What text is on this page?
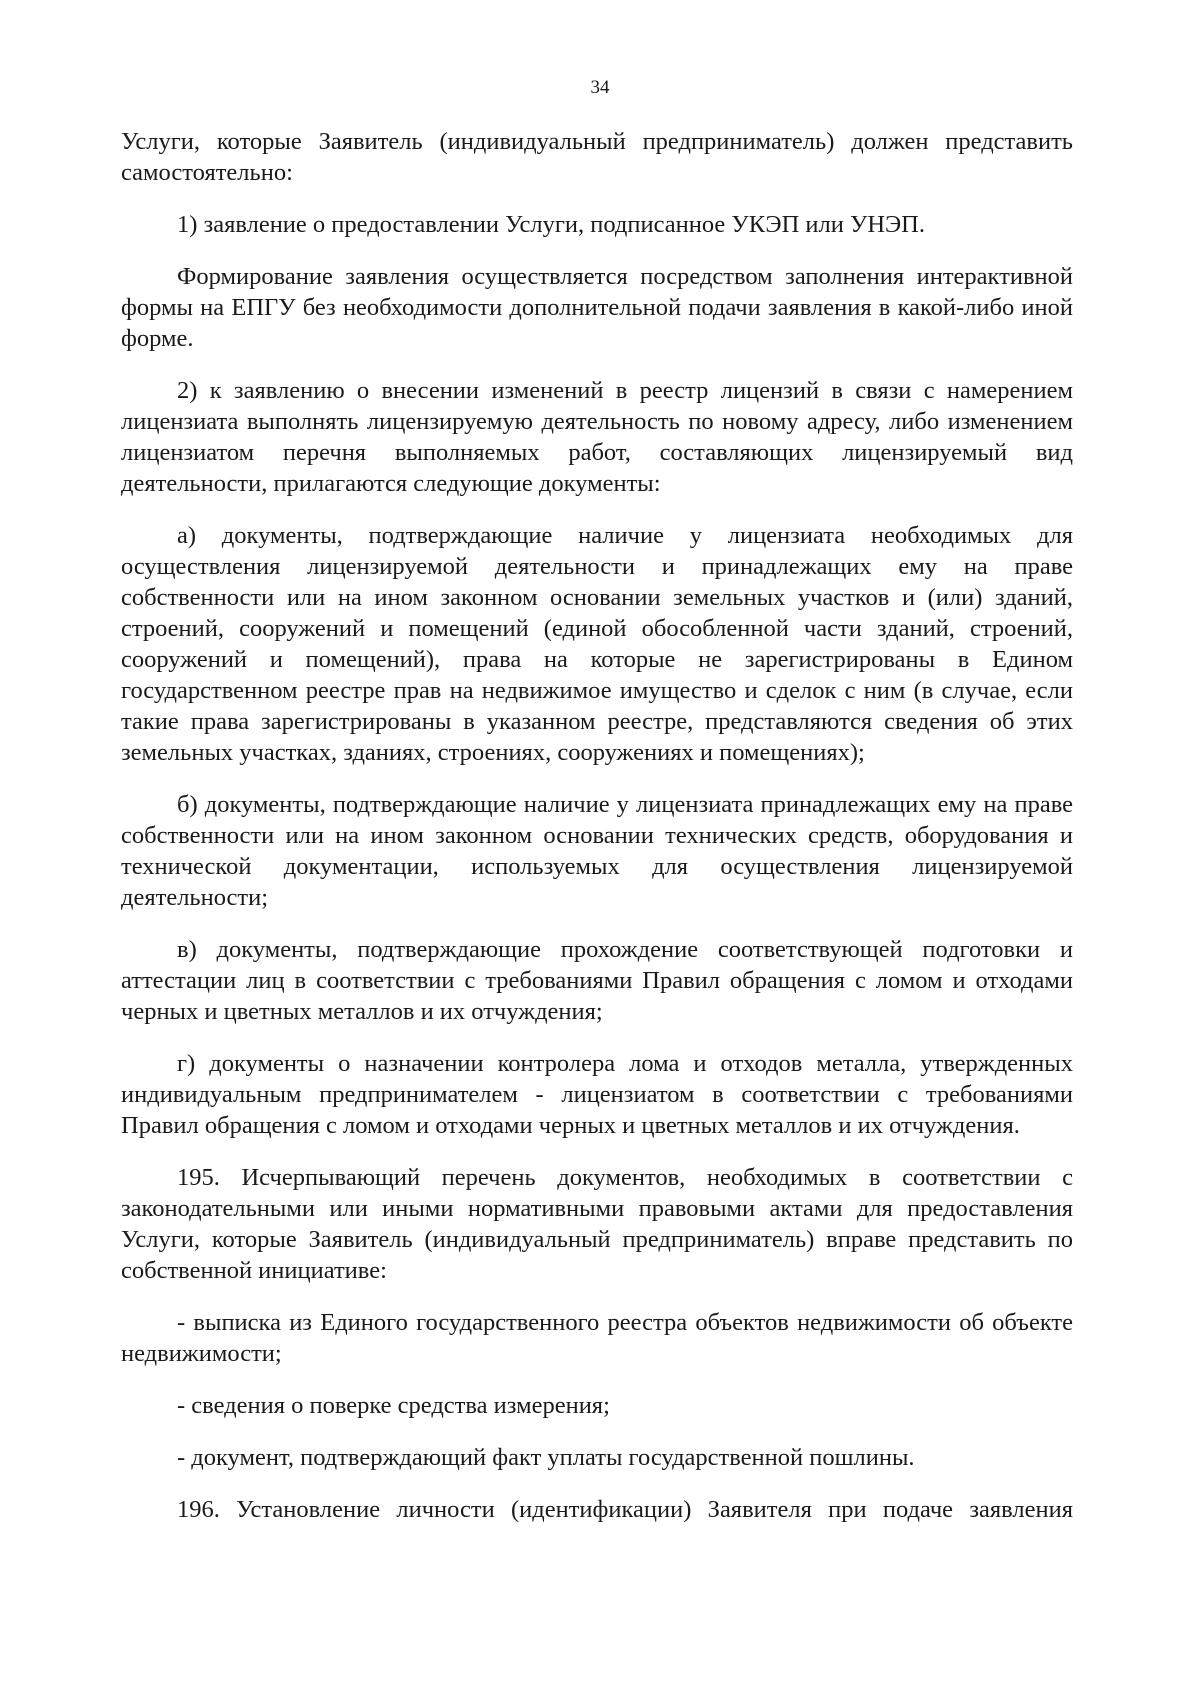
34

Услуги, которые Заявитель (индивидуальный предприниматель) должен представить самостоятельно:

1) заявление о предоставлении Услуги, подписанное УКЭП или УНЭП.

Формирование заявления осуществляется посредством заполнения интерактивной формы на ЕПГУ без необходимости дополнительной подачи заявления в какой-либо иной форме.

2) к заявлению о внесении изменений в реестр лицензий в связи с намерением лицензиата выполнять лицензируемую деятельность по новому адресу, либо изменением лицензиатом перечня выполняемых работ, составляющих лицензируемый вид деятельности, прилагаются следующие документы:

а) документы, подтверждающие наличие у лицензиата необходимых для осуществления лицензируемой деятельности и принадлежащих ему на праве собственности или на ином законном основании земельных участков и (или) зданий, строений, сооружений и помещений (единой обособленной части зданий, строений, сооружений и помещений), права на которые не зарегистрированы в Едином государственном реестре прав на недвижимое имущество и сделок с ним (в случае, если такие права зарегистрированы в указанном реестре, представляются сведения об этих земельных участках, зданиях, строениях, сооружениях и помещениях);

б) документы, подтверждающие наличие у лицензиата принадлежащих ему на праве собственности или на ином законном основании технических средств, оборудования и технической документации, используемых для осуществления лицензируемой деятельности;

в) документы, подтверждающие прохождение соответствующей подготовки и аттестации лиц в соответствии с требованиями Правил обращения с ломом и отходами черных и цветных металлов и их отчуждения;

г) документы о назначении контролера лома и отходов металла, утвержденных индивидуальным предпринимателем - лицензиатом в соответствии с требованиями Правил обращения с ломом и отходами черных и цветных металлов и их отчуждения.

195. Исчерпывающий перечень документов, необходимых в соответствии с законодательными или иными нормативными правовыми актами для предоставления Услуги, которые Заявитель (индивидуальный предприниматель) вправе представить по собственной инициативе:

- выписка из Единого государственного реестра объектов недвижимости об объекте недвижимости;

- сведения о поверке средства измерения;

- документ, подтверждающий факт уплаты государственной пошлины.

196. Установление личности (идентификации) Заявителя при подаче заявления
